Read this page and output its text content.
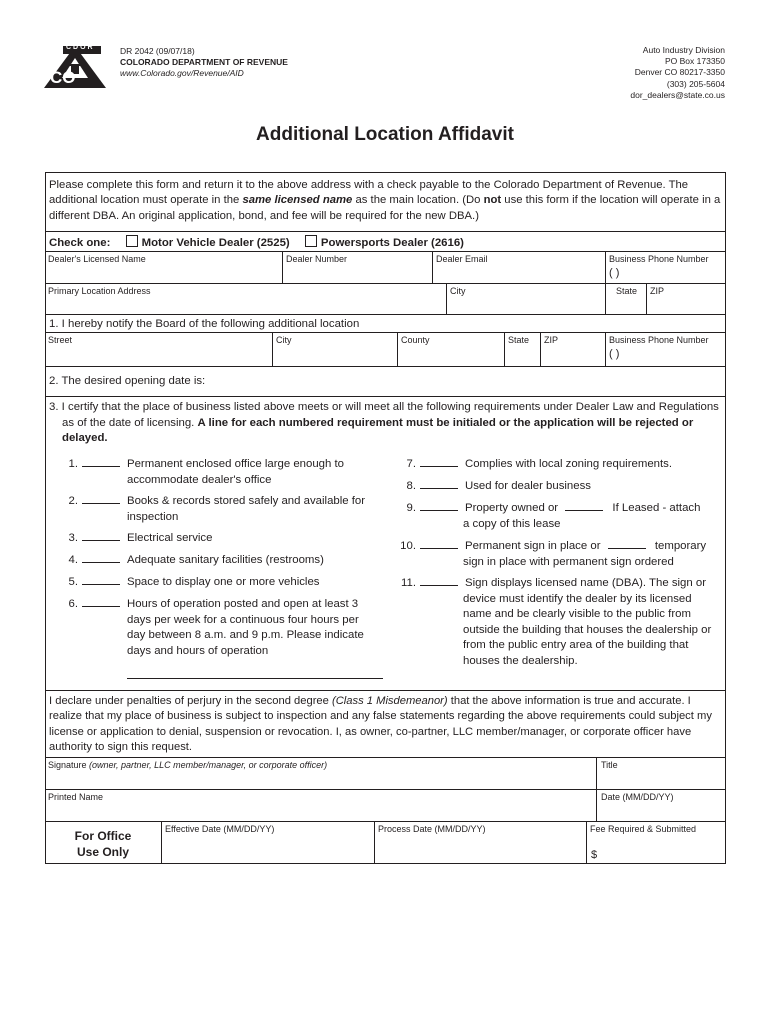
CDOR
CO
DR 2042 (09/07/18)
COLORADO DEPARTMENT OF REVENUE
www.Colorado.gov/Revenue/AID
Auto Industry Division
PO Box 173350
Denver CO 80217-3350
(303) 205-5604
dor_dealers@state.co.us
Additional Location Affidavit
Please complete this form and return it to the above address with a check payable to the Colorado Department of Revenue. The additional location must operate in the same licensed name as the main location. (Do not use this form if the location will operate in a different DBA. An original application, bond, and fee will be required for the new DBA.)
Check one:	Motor Vehicle Dealer (2525)	Powersports Dealer (2616)
Dealer's Licensed Name	Dealer Number	Dealer Email	Business Phone Number
( )
Primary Location Address	City	State ZIP
1. I hereby notify the Board of the following additional location
Street	City	County	State ZIP	Business Phone Number
( )
2. The desired opening date is:
3. I certify that the place of business listed above meets or will meet all the following requirements under Dealer Law and Regulations as of the date of licensing. A line for each numbered requirement must be initialed or the application will be rejected or delayed.
1.	Permanent enclosed office large enough to accommodate dealer's office
2.	Books & records stored safely and available for inspection
3.	Electrical service
4.	Adequate sanitary facilities (restrooms)
5.	Space to display one or more vehicles
6.	Hours of operation posted and open at least 3 days per week for a continuous four hours per day between 8 a.m. and 9 p.m. Please indicate days and hours of operation
7.	Complies with local zoning requirements.
8.	Used for dealer business
9.	Property owned or	If Leased - attach
a copy of this lease
10.	Permanent sign in place or	temporary
sign in place with permanent sign ordered
11.	Sign displays licensed name (DBA). The sign or device must identify the dealer by its licensed name and be clearly visible to the public from outside the building that houses the dealership or from the public entry area of the building that houses the dealership.
I declare under penalties of perjury in the second degree (Class 1 Misdemeanor) that the above information is true and accurate. I realize that my place of business is subject to inspection and any false statements regarding the above requirements could subject my license or application to denial, suspension or revocation. I, as owner, co-partner, LLC member/manager, or corporate officer have authority to sign this request.
Signature (owner, partner, LLC member/manager, or corporate officer)	Title
Printed Name	Date (MM/DD/YY)
For Office
Use Only
Effective Date (MM/DD/YY)	Process Date (MM/DD/YY)	Fee Required & Submitted
$
